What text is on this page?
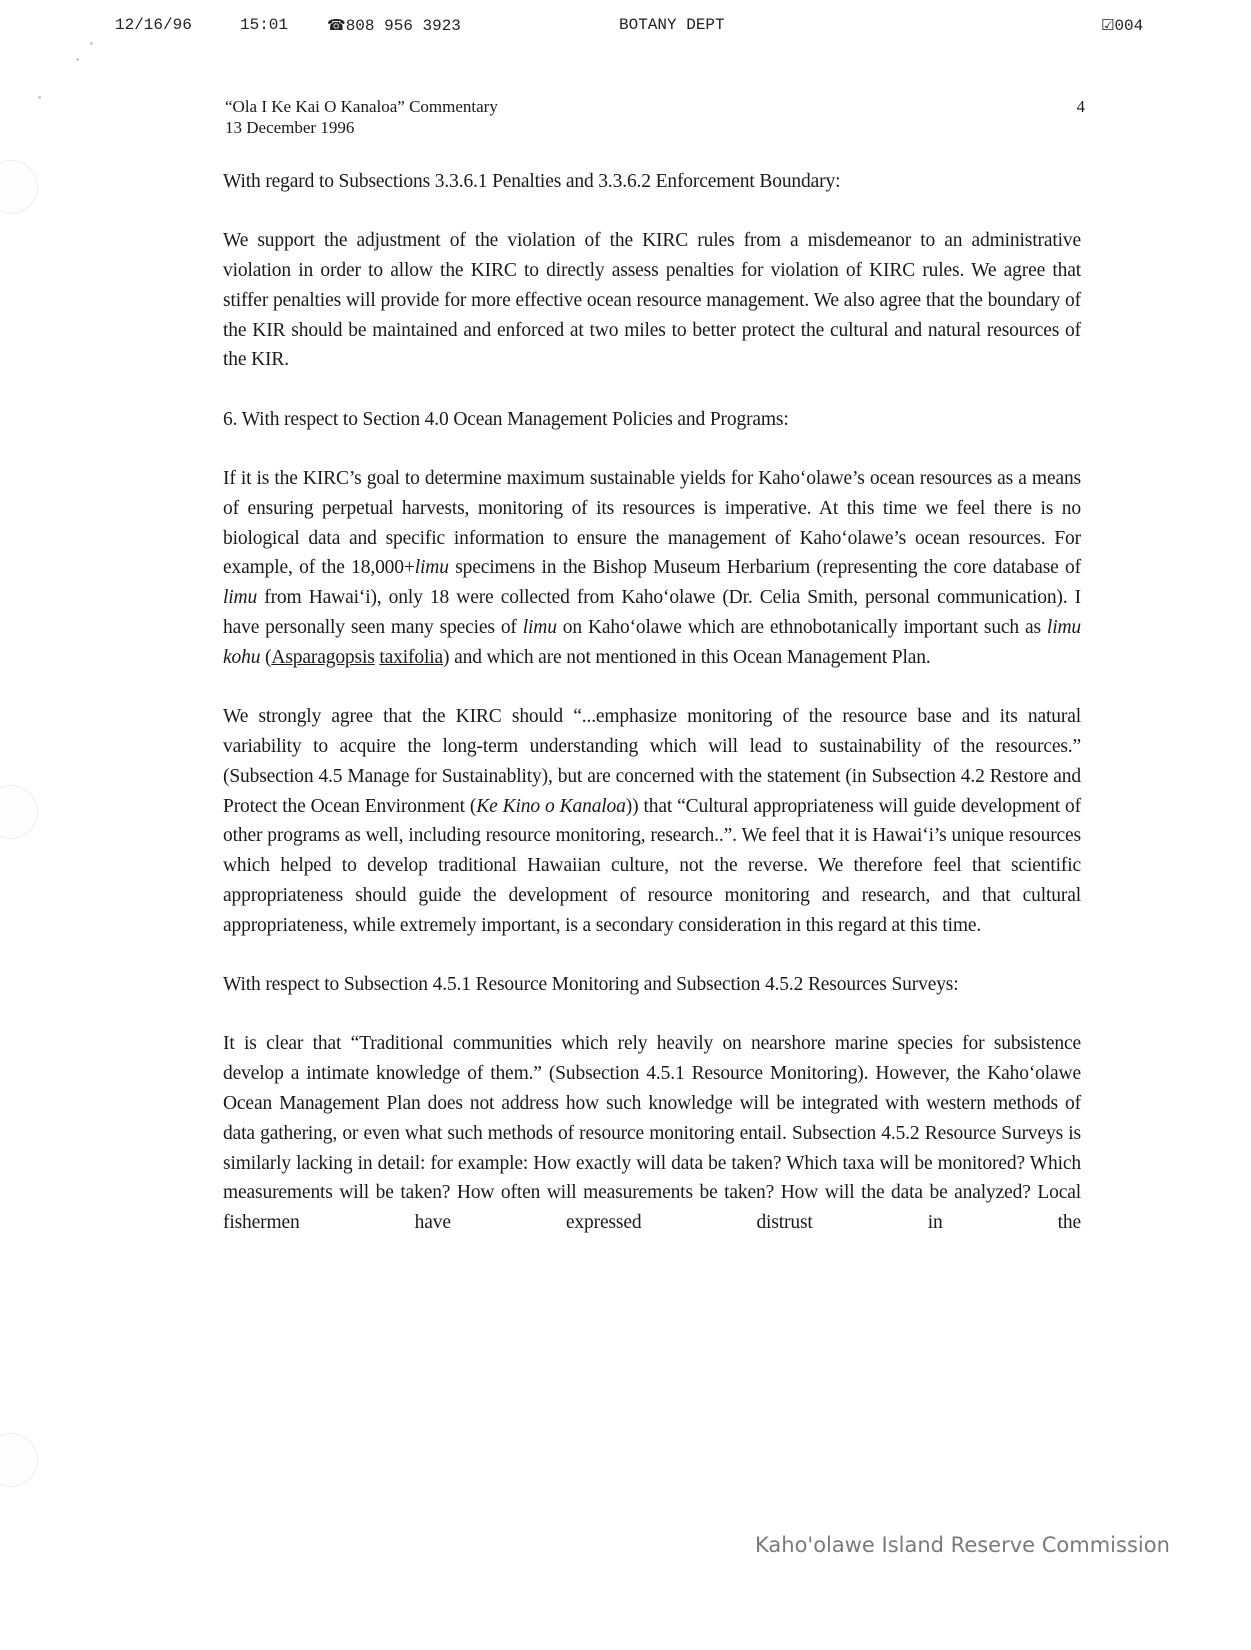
12/16/96	15:01	☎808 956 3923	BOTANY DEPT	☑004
“Ola I Ke Kai O Kanaloa” Commentary
13 December 1996
4

With regard to Subsections 3.3.6.1 Penalties and 3.3.6.2 Enforcement Boundary:

We support the adjustment of the violation of the KIRC rules from a misdemeanor to an administrative violation in order to allow the KIRC to directly assess penalties for violation of KIRC rules. We agree that stiffer penalties will provide for more effective ocean resource management. We also agree that the boundary of the KIR should be maintained and enforced at two miles to better protect the cultural and natural resources of the KIR.

6. With respect to Section 4.0 Ocean Management Policies and Programs:

If it is the KIRC’s goal to determine maximum sustainable yields for Kaho‘olawe’s ocean resources as a means of ensuring perpetual harvests, monitoring of its resources is imperative. At this time we feel there is no biological data and specific information to ensure the management of Kaho‘olawe’s ocean resources. For example, of the 18,000+limu specimens in the Bishop Museum Herbarium (representing the core database of limu from Hawai‘i), only 18 were collected from Kaho‘olawe (Dr. Celia Smith, personal communication). I have personally seen many species of limu on Kaho‘olawe which are ethnobotanically important such as limu kohu (Asparagopsis taxifolia) and which are not mentioned in this Ocean Management Plan.

We strongly agree that the KIRC should “...emphasize monitoring of the resource base and its natural variability to acquire the long-term understanding which will lead to sustainability of the resources.” (Subsection 4.5 Manage for Sustainablity), but are concerned with the statement (in Subsection 4.2 Restore and Protect the Ocean Environment (Ke Kino o Kanaloa)) that “Cultural appropriateness will guide development of other programs as well, including resource monitoring, research..”. We feel that it is Hawai‘i’s unique resources which helped to develop traditional Hawaiian culture, not the reverse. We therefore feel that scientific appropriateness should guide the development of resource monitoring and research, and that cultural appropriateness, while extremely important, is a secondary consideration in this regard at this time.

With respect to Subsection 4.5.1 Resource Monitoring and Subsection 4.5.2 Resources Surveys:

It is clear that “Traditional communities which rely heavily on nearshore marine species for subsistence develop a intimate knowledge of them.” (Subsection 4.5.1 Resource Monitoring). However, the Kaho‘olawe Ocean Management Plan does not address how such knowledge will be integrated with western methods of data gathering, or even what such methods of resource monitoring entail. Subsection 4.5.2 Resource Surveys is similarly lacking in detail: for example: How exactly will data be taken? Which taxa will be monitored? Which measurements will be taken? How often will measurements be taken? How will the data be analyzed? Local fishermen have expressed distrust in the

Kaho'olawe Island Reserve Commission
